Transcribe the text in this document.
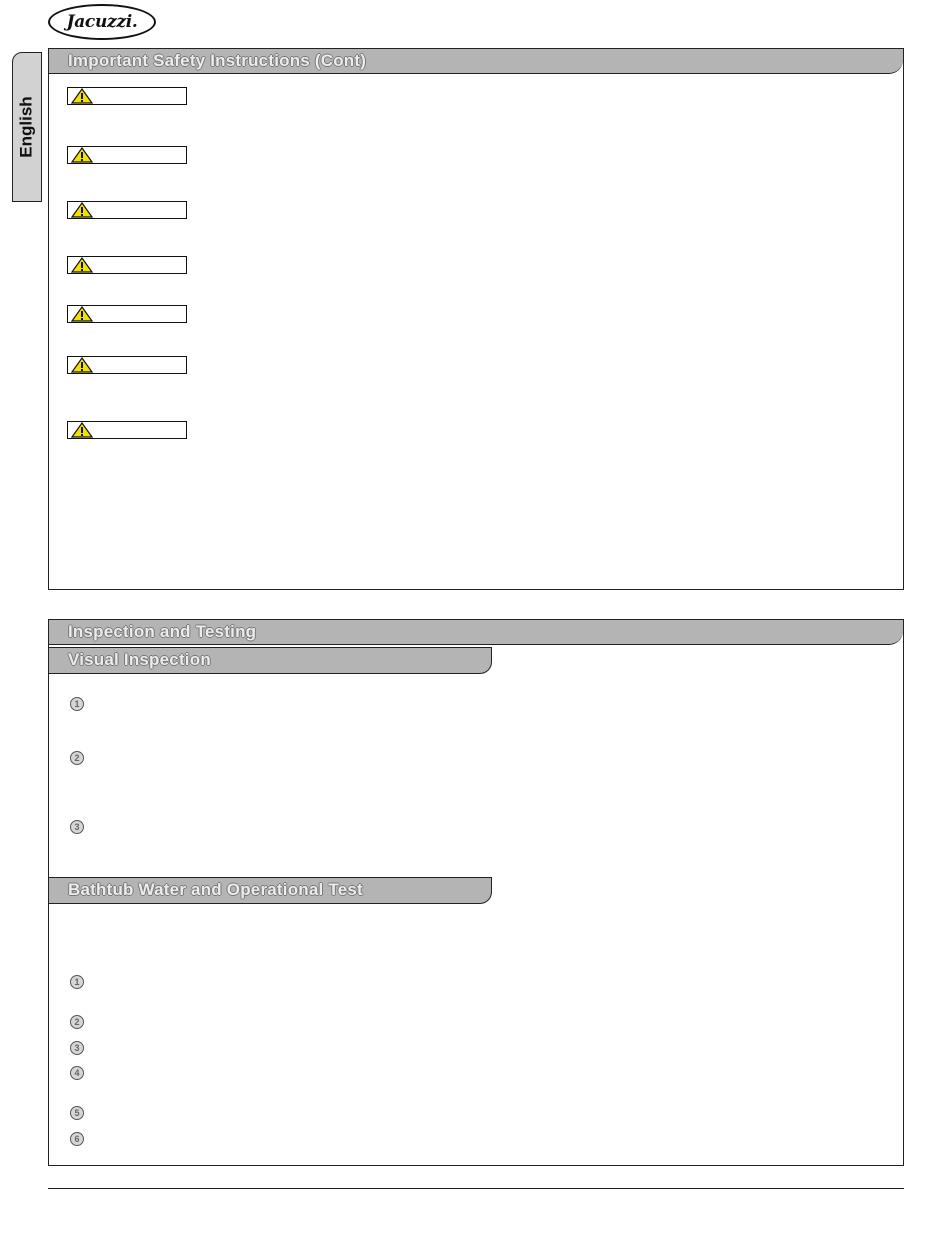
Jacuzzi .
English
Important Safety Instructions (Cont)
Inspection and Testing
Visual Inspection
1
2
3
Bathtub Water and Operational Test
1
2
3
4
5
6
